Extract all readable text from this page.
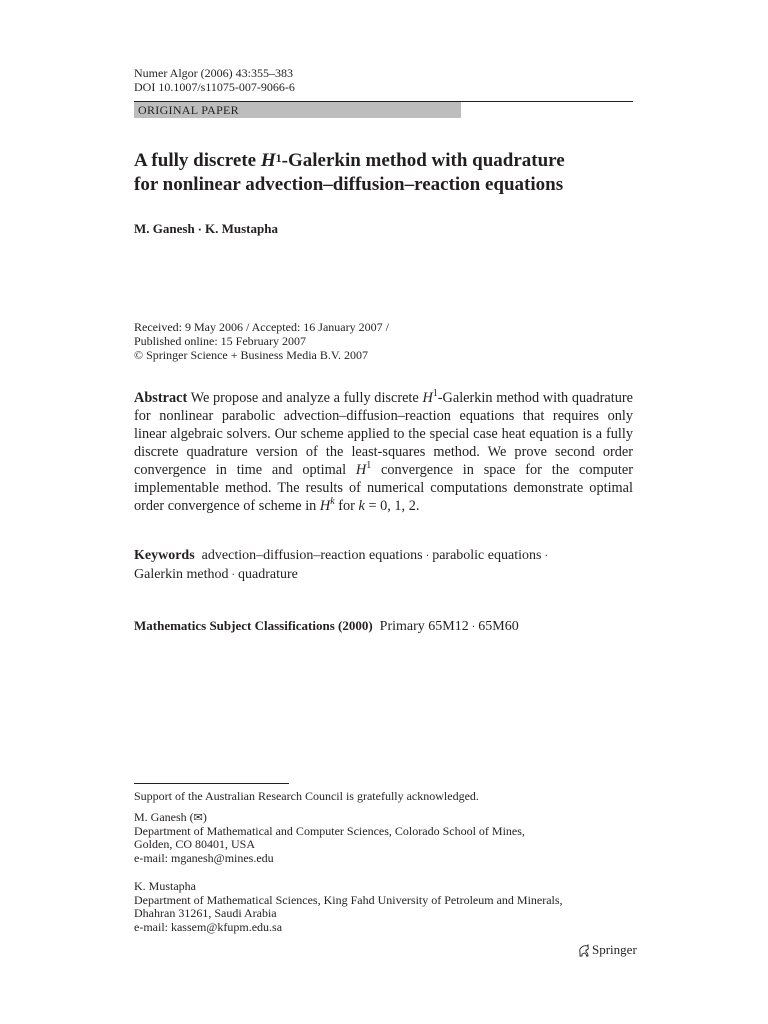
Numer Algor (2006) 43:355–383
DOI 10.1007/s11075-007-9066-6
ORIGINAL PAPER
A fully discrete $H^1$-Galerkin method with quadrature
for nonlinear advection–diffusion–reaction equations
M. Ganesh · K. Mustapha
Received: 9 May 2006 / Accepted: 16 January 2007 /
Published online: 15 February 2007
© Springer Science + Business Media B.V. 2007
Abstract We propose and analyze a fully discrete $H^1$-Galerkin method with quadrature for nonlinear parabolic advection–diffusion–reaction equations that requires only linear algebraic solvers. Our scheme applied to the special case heat equation is a fully discrete quadrature version of the least-squares method. We prove second order convergence in time and optimal $H^1$ convergence in space for the computer implementable method. The results of numerical computations demonstrate optimal order convergence of scheme in $H^k$ for k = 0, 1, 2.
Keywords advection–diffusion–reaction equations · parabolic equations ·
Galerkin method · quadrature
Mathematics Subject Classifications (2000) Primary 65M12 · 65M60
Support of the Australian Research Council is gratefully acknowledged.
M. Ganesh (✉)
Department of Mathematical and Computer Sciences, Colorado School of Mines,
Golden, CO 80401, USA
e-mail: mganesh@mines.edu
K. Mustapha
Department of Mathematical Sciences, King Fahd University of Petroleum and Minerals,
Dhahran 31261, Saudi Arabia
e-mail: kassem@kfupm.edu.sa
Springer
